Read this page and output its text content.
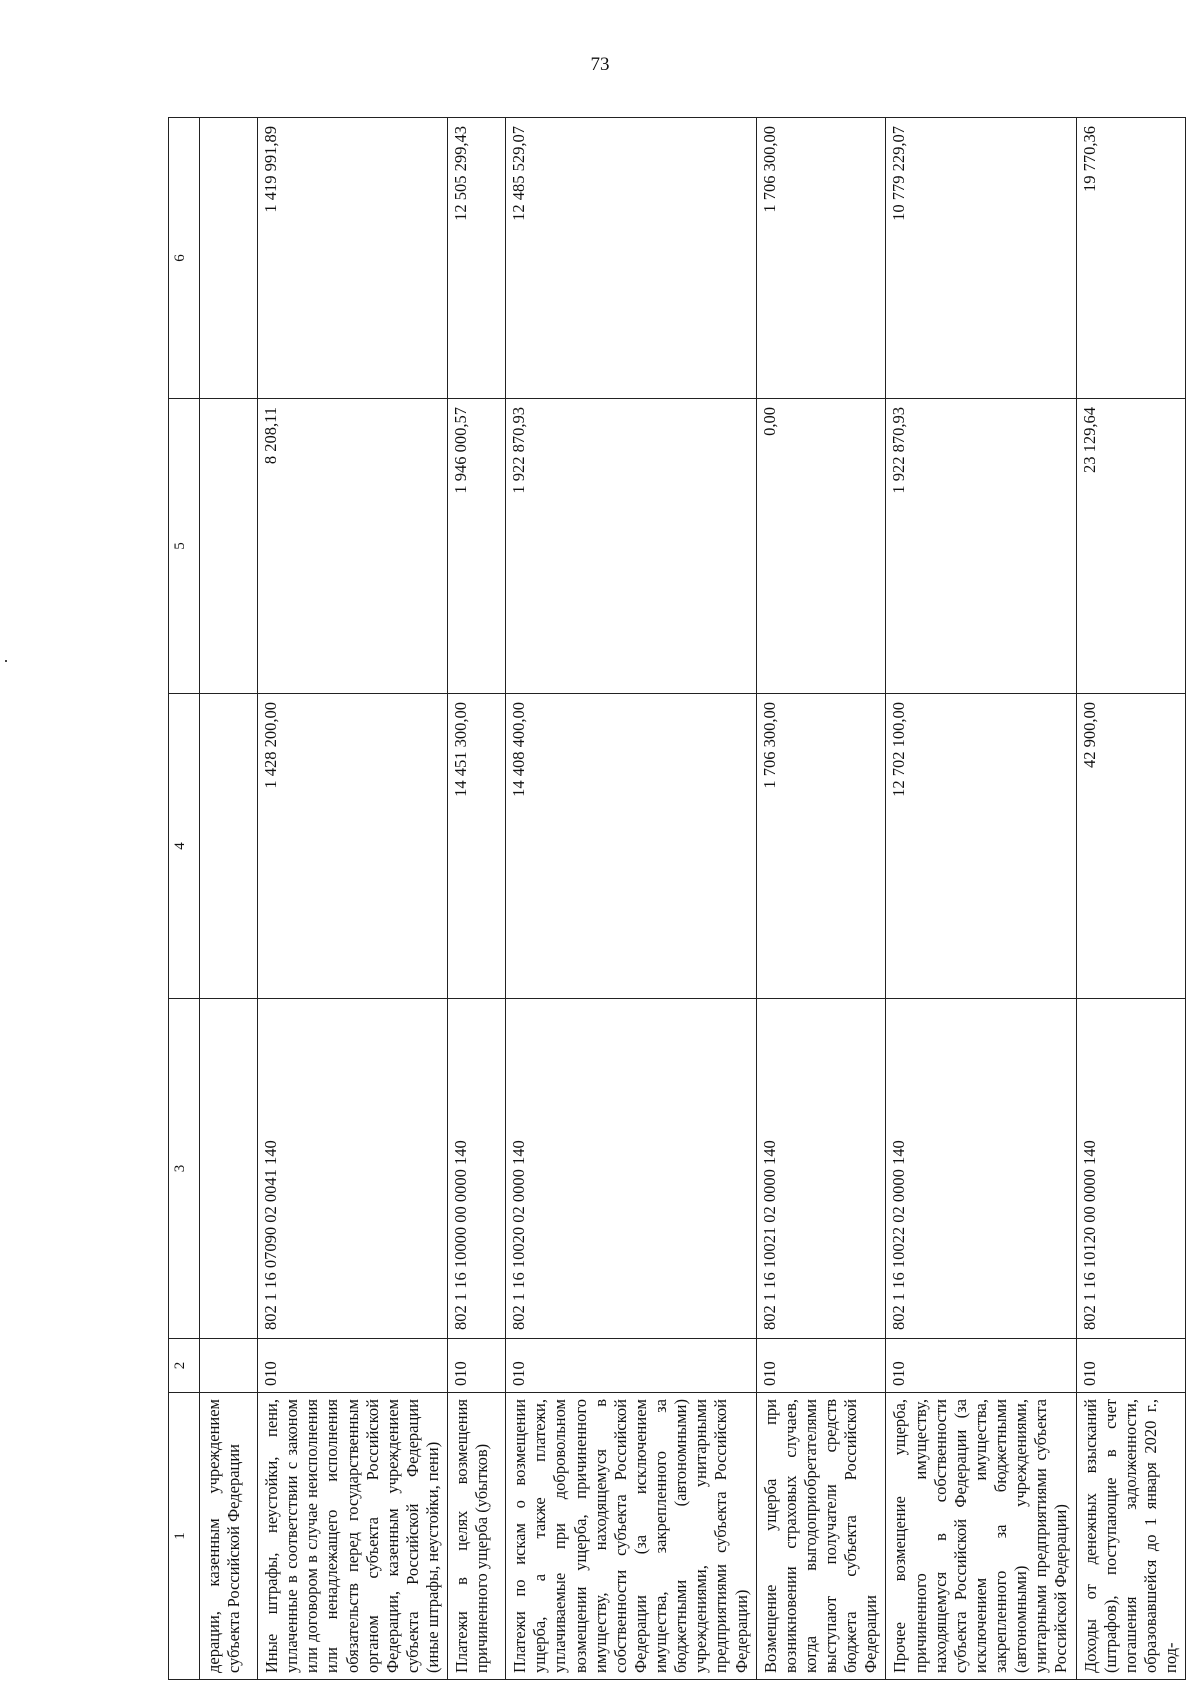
73
1	2	3	4	5	6
дерации, казенным учреждением субъекта Российской Федерации					
Иные штрафы, неустойки, пени, уплаченные в соответствии с законом или договором в случае неисполнения или ненадлежащего исполнения обязательств перед государственным органом субъекта Российской Федерации, казенным учреждением субъекта Российской Федерации (иные штрафы, неустойки, пени)	010	802 1 16 07090 02 0041 140	1 428 200,00	8 208,11	1 419 991,89
Платежи в целях возмещения причиненного ущерба (убытков)	010	802 1 16 10000 00 0000 140	14 451 300,00	1 946 000,57	12 505 299,43
Платежи по искам о возмещении ущерба, а также платежи, уплачиваемые при добровольном возмещении ущерба, причиненного имуществу, находящемуся в собственности субъекта Российской Федерации (за исключением имущества, закрепленного за бюджетными (автономными) учреждениями, унитарными предприятиями субъекта Российской Федерации)	010	802 1 16 10020 02 0000 140	14 408 400,00	1 922 870,93	12 485 529,07
Возмещение ущерба при возникновении страховых случаев, когда выгодоприобретателями выступают получатели средств бюджета субъекта Российской Федерации	010	802 1 16 10021 02 0000 140	1 706 300,00	0,00	1 706 300,00
Прочее возмещение ущерба, причиненного имуществу, находящемуся в собственности субъекта Российской Федерации (за исключением имущества, закрепленного за бюджетными (автономными) учреждениями, унитарными предприятиями субъекта Российской Федерации)	010	802 1 16 10022 02 0000 140	12 702 100,00	1 922 870,93	10 779 229,07
Доходы от денежных взысканий (штрафов), поступающие в счет погашения задолженности, образовавшейся до 1 января 2020 г., под-	010	802 1 16 10120 00 0000 140	42 900,00	23 129,64	19 770,36
